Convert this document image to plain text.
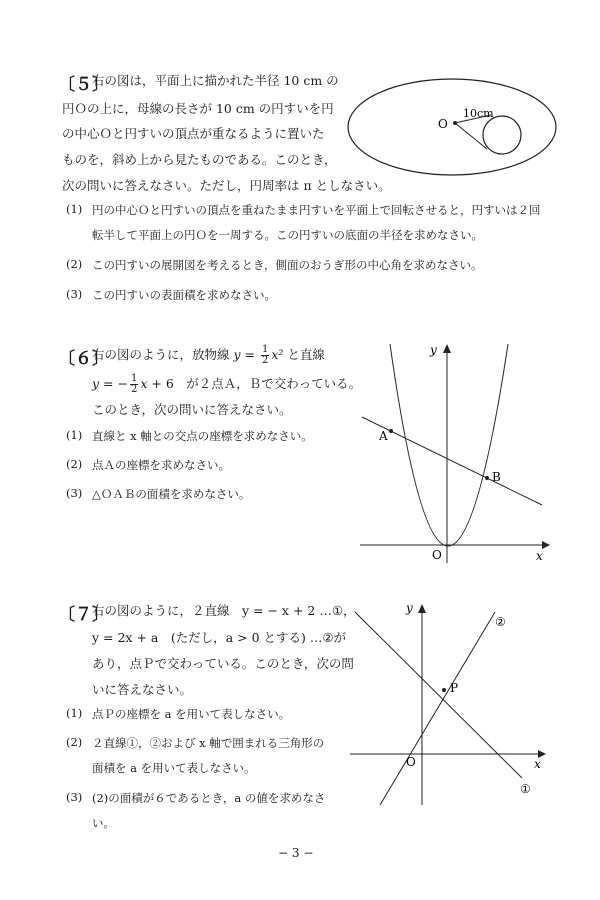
〔５〕
右の図は，平面上に描かれた半径 10 cm の
円Ｏの上に，母線の長さが 10 cm の円すいを円
の中心Ｏと円すいの頂点が重なるように置いた
ものを，斜め上から見たものである。このとき，
次の問いに答えなさい。ただし，円周率は π としなさい。
O
10cm
(1) 円の中心Ｏと円すいの頂点を重ねたまま円すいを平面上で回転させると，円すいは２回
転半して平面上の円Ｏを一周する。この円すいの底面の半径を求めなさい。
(2) この円すいの展開図を考えるとき，側面のおうぎ形の中心角を求めなさい。
(3) この円すいの表面積を求めなさい。
〔６〕
右の図のように，放物線 $y = \frac{1}{2} x^2$ と直線
y = − $\frac{1}{2}$ x + 6　が２点Ａ，Ｂで交わっている。
このとき，次の問いに答えなさい。
(1) 直線と x 軸との交点の座標を求めなさい。
(2) 点Ａの座標を求めなさい。
(3) △ＯＡＢの面積を求めなさい。
A
B
O	x
y
〔７〕
右の図のように，２直線　y = − x + 2 …①，
y = 2x + a　(ただし，a > 0 とする) …②が
あり，点Ｐで交わっている。このとき，次の問
いに答えなさい。
(1) 点Ｐの座標を a を用いて表しなさい。
(2) ２直線①，②および x 軸で囲まれる三角形の
面積を a を用いて表しなさい。
(3) (2)の面積が６であるとき，a の値を求めなさ
い。
P
O	x
y
②
①
− 3 −
